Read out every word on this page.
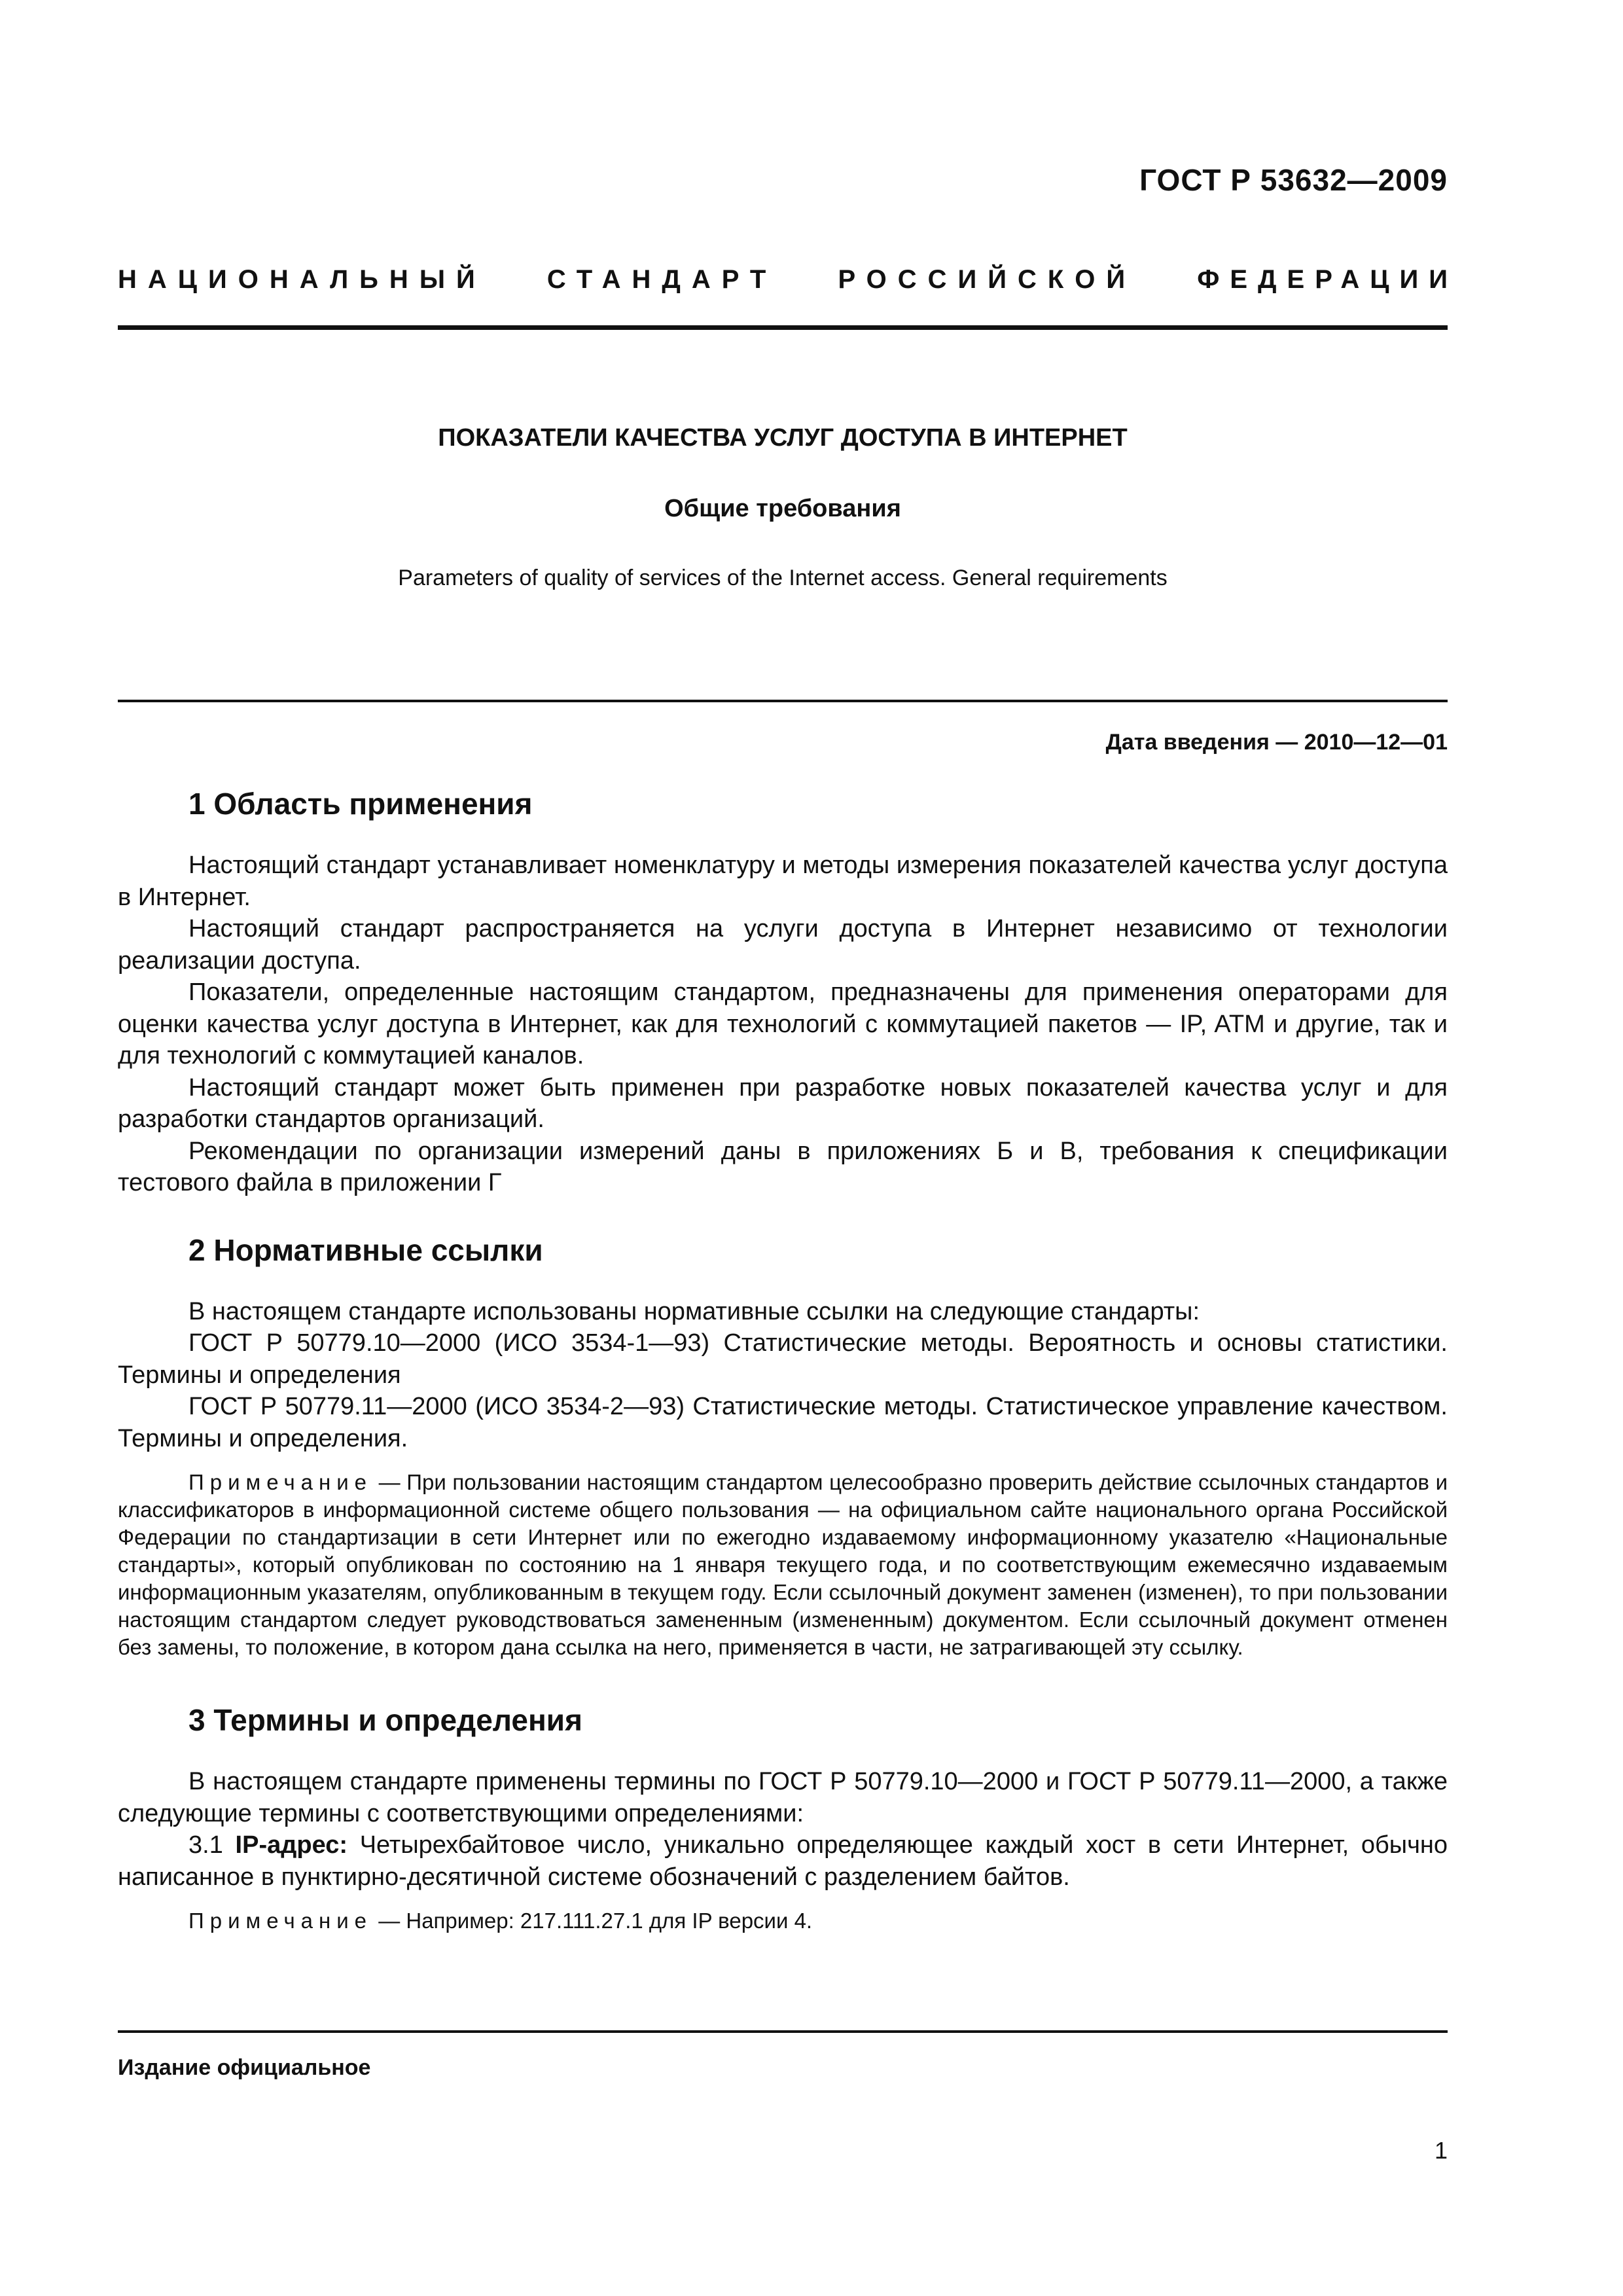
ГОСТ Р 53632—2009
НАЦИОНАЛЬНЫЙ СТАНДАРТ РОССИЙСКОЙ ФЕДЕРАЦИИ
ПОКАЗАТЕЛИ КАЧЕСТВА УСЛУГ ДОСТУПА В ИНТЕРНЕТ
Общие требования
Parameters of quality of services of the Internet access. General requirements
Дата введения — 2010—12—01
1 Область применения

Настоящий стандарт устанавливает номенклатуру и методы измерения показателей качества услуг доступа в Интернет.

Настоящий стандарт распространяется на услуги доступа в Интернет независимо от технологии реализации доступа.

Показатели, определенные настоящим стандартом, предназначены для применения операторами для оценки качества услуг доступа в Интернет, как для технологий с коммутацией пакетов — IP, ATM и другие, так и для технологий с коммутацией каналов.

Настоящий стандарт может быть применен при разработке новых показателей качества услуг и для разработки стандартов организаций.

Рекомендации по организации измерений даны в приложениях Б и В, требования к спецификации тестового файла в приложении Г

2 Нормативные ссылки

В настоящем стандарте использованы нормативные ссылки на следующие стандарты:

ГОСТ Р 50779.10—2000 (ИСО 3534-1—93) Статистические методы. Вероятность и основы статистики. Термины и определения

ГОСТ Р 50779.11—2000 (ИСО 3534-2—93) Статистические методы. Статистическое управление качеством. Термины и определения.

Примечание — При пользовании настоящим стандартом целесообразно проверить действие ссылочных стандартов и классификаторов в информационной системе общего пользования — на официальном сайте национального органа Российской Федерации по стандартизации в сети Интернет или по ежегодно издаваемому информационному указателю «Национальные стандарты», который опубликован по состоянию на 1 января текущего года, и по соответствующим ежемесячно издаваемым информационным указателям, опубликованным в текущем году. Если ссылочный документ заменен (изменен), то при пользовании настоящим стандартом следует руководствоваться замененным (измененным) документом. Если ссылочный документ отменен без замены, то положение, в котором дана ссылка на него, применяется в части, не затрагивающей эту ссылку.

3 Термины и определения

В настоящем стандарте применены термины по ГОСТ Р 50779.10—2000 и ГОСТ Р 50779.11—2000, а также следующие термины с соответствующими определениями:

3.1 IP-адрес: Четырехбайтовое число, уникально определяющее каждый хост в сети Интернет, обычно написанное в пунктирно-десятичной системе обозначений с разделением байтов.

Примечание — Например: 217.111.27.1 для IP версии 4.

Издание официальное
1
